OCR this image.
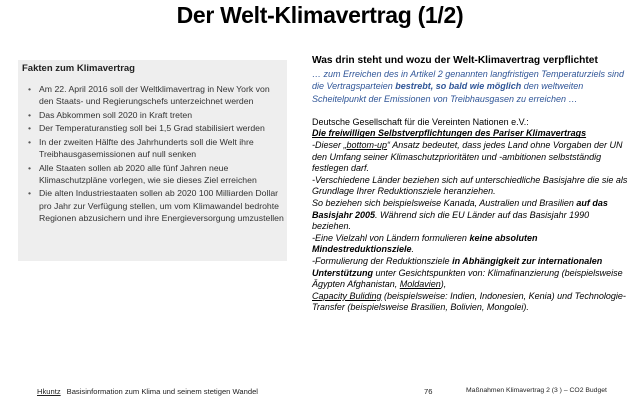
Der Welt-Klimavertrag (1/2)
Fakten zum Klimavertrag
• Am 22. April 2016 soll der Weltklimavertrag in New York von den Staats- und Regierungschefs unterzeichnet werden
• Das Abkommen soll 2020 in Kraft treten
• Der Temperaturanstieg soll bei 1,5 Grad stabilisiert werden
• In der zweiten Hälfte des Jahrhunderts soll die Welt ihre Treibhausgasemissionen auf null senken
• Alle Staaten sollen ab 2020 alle fünf Jahren neue Klimaschutzpläne vorlegen, wie sie dieses Ziel erreichen
• Die alten Industriestaaten sollen ab 2020 100 Milliarden Dollar pro Jahr zur Verfügung stellen, um vom Klimawandel bedrohte Regionen abzusichern und ihre Energieversorgung umzustellen
Was drin steht und wozu der Welt-Klimavertrag verpflichtet
… zum Erreichen des in Artikel 2 genannten langfristigen Temperaturziels sind die Vertragsparteien bestrebt, so bald wie möglich den weltweiten Scheitelpunkt der Emissionen von Treibhausgasen zu erreichen …
Deutsche Gesellschaft für die Vereinten Nationen e.V.:
Die freiwilligen Selbstverpflichtungen des Pariser Klimavertrags
-Dieser „bottom-up“ Ansatz bedeutet, dass jedes Land ohne Vorgaben der UN den Umfang seiner Klimaschutzprioritäten und -ambitionen selbstständig festlegen darf.
-Verschiedene Länder beziehen sich auf unterschiedliche Basisjahre die sie als Grundlage Ihrer Reduktionsziele heranziehen.
So beziehen sich beispielsweise Kanada, Australien und Brasilien auf das Basisjahr 2005. Während sich die EU Länder auf das Basisjahr 1990 beziehen.
-Eine Vielzahl von Ländern formulieren keine absoluten Mindestreduktionsziele.
-Formulierung der Reduktionsziele in Abhängigkeit zur internationalen Unterstützung unter Gesichtspunkten von: Klimafinanzierung (beispielsweise Ägypten Afghanistan, Moldavien),
Capacity Buliding (beispielsweise: Indien, Indonesien, Kenia) und Technologie-Transfer (beispielsweise Brasilien, Bolivien, Mongolei).
Hkuntz Basisinformation zum Klima und seinem stetigen Wandel	76	Maßnahmen Klimavertrag 2 (3 ) – CO2 Budget
